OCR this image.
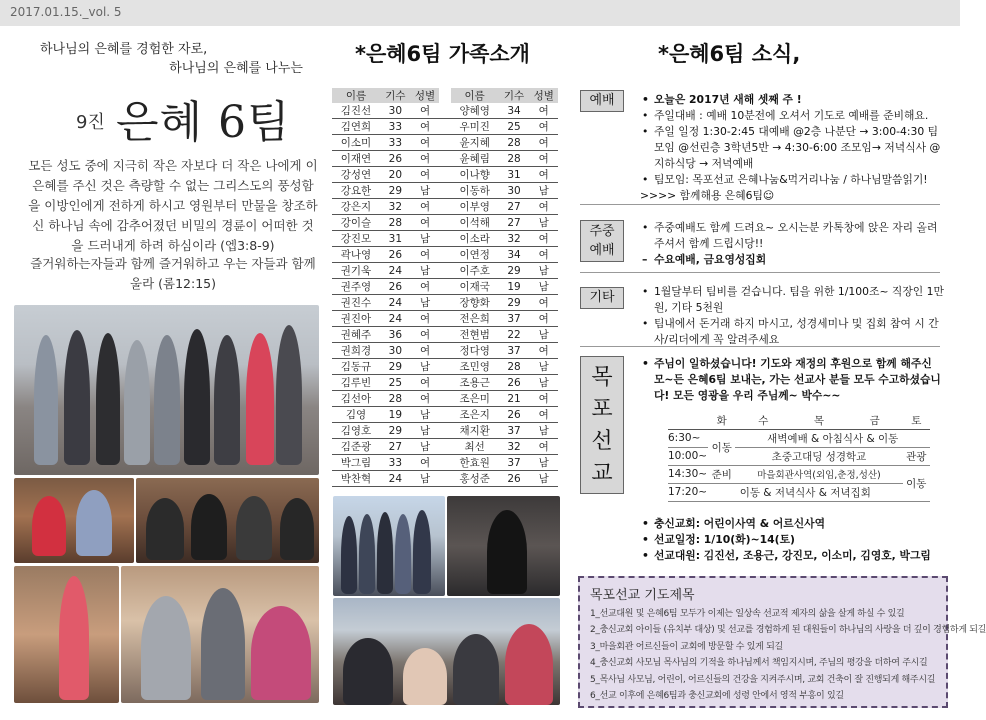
2017.01.15._vol. 5
하나님의 은혜를 경험한 자로,
하나님의 은혜를 나누는
9진 은혜 6팀
모든 성도 중에 지극히 작은 자보다 더 작은 나에게 이 은혜를 주신 것은 측량할 수 없는 그리스도의 풍성함을 이방인에게 전하게 하시고 영원부터 만물을 창조하신 하나님 속에 감추어졌던 비밀의 경륜이 어떠한 것을 드러내게 하려 하심이라 (엡3:8-9)
즐거워하는자들과 함께 즐거워하고 우는 자들과 함께 울라 (롬12:15)
*은혜6팀 가족소개
이름	기수	성별		이름	기수	성별
김진선	30	여		양혜영	34	여
김연희	33	여		우미진	25	여
이소미	33	여		윤지혜	28	여
이재연	26	여		윤혜림	28	여
강성연	20	여		이나향	31	여
강요한	29	남		이동하	30	남
강은지	32	여		이부영	27	여
강이슬	28	여		이석해	27	남
강진모	31	남		이소라	32	여
곽나영	26	여		이연정	34	여
권기욱	24	남		이주호	29	남
권주영	26	여		이재국	19	남
권진수	24	남		장향화	29	여
권진아	24	여		전은희	37	여
권혜주	36	여		전현범	22	남
권희경	30	여		정다영	37	여
김동규	29	남		조민영	28	남
김루빈	25	여		조용근	26	남
김선아	28	여		조은미	21	여
김영	19	남		조은지	26	여
김영호	29	남		채지환	37	남
김준광	27	남		최선	32	여
박그림	33	여		한효원	37	남
박찬혁	24	남		홍성준	26	남
*은혜6팀 소식,
예배	• 오늘은 2017년 새해 셋째 주 !
• 주일대배 : 예배 10분전에 오셔서 기도로 예배를 준비해요.
• 주일 일정 1:30-2:45 대예배 @2층 나분단 → 3:00-4:30 팀 모임 @선린층 3학년5반 → 4:30-6:00 조모임→ 저녁식사 @지하식당 → 저녁예배
• 팀모임: 목포선교 은혜나눔&먹거리나눔 / 하나님말씀읽기!
>>>> 함께해용 은혜6팀☺
주중
예배
• 주중예배도 함께 드려요~ 오시는분 카톡창에 앉은 자리 올려주셔서 함께 드립시당!!
– 수요예배, 금요영성집회
기타	• 1월달부터 팀비를 걷습니다. 팀을 위한 1/100조~ 직장인 1만원, 기타 5천원
• 팀내에서 돈거래 하지 마시고, 성경세미나 및 집회 참여 시 간사/리더에게 꼭 알려주세요
목
포
선
교
• 주님이 일하셨습니다! 기도와 재정의 후원으로 함께 해주신 모~든 은혜6팀 보내는, 가는 선교사 분들 모두 수고하셨습니다! 모든 영광을 우리 주님께~ 박수~~
	화	수	목	금	토
6:30~	이동	새벽예배 & 아침식사 & 이동			
10:00~		초중고대딩 성경학교			관광
14:30~	준비	마을회관사역(외임,춘정,성산)			이동
17:20~	이동 & 저녁식사 & 저녁집회				
• 충신교회: 어린이사역 & 어르신사역
• 선교일정: 1/10(화)~14(토)
• 선교대원: 김진선, 조용근, 강진모, 이소미, 김영호, 박그림
목포선교 기도제목
1_선교대원 및 은혜6팀 모두가 이제는 일상속 선교적 제자의 삶을 살게 하실 수 있길
2_충신교회 아이들 (유치부 대상) 및 선교를 경험하게 된 대원들이 하나님의 사랑을 더 깊이 경험하게 되길
3_마을회관 어르신들이 교회에 방문할 수 있게 되길
4_충신교회 사모님 목사님의 기적을 하나님께서 책임지시며, 주님의 평강을 더하여 주시길
5_목사님 사모님, 어린이, 어르신들의 건강을 지켜주시며, 교회 건축이 잘 진행되게 해주시길
6_선교 이후에 은혜6팀과 충신교회에 성령 안에서 영적 부흥이 있길
